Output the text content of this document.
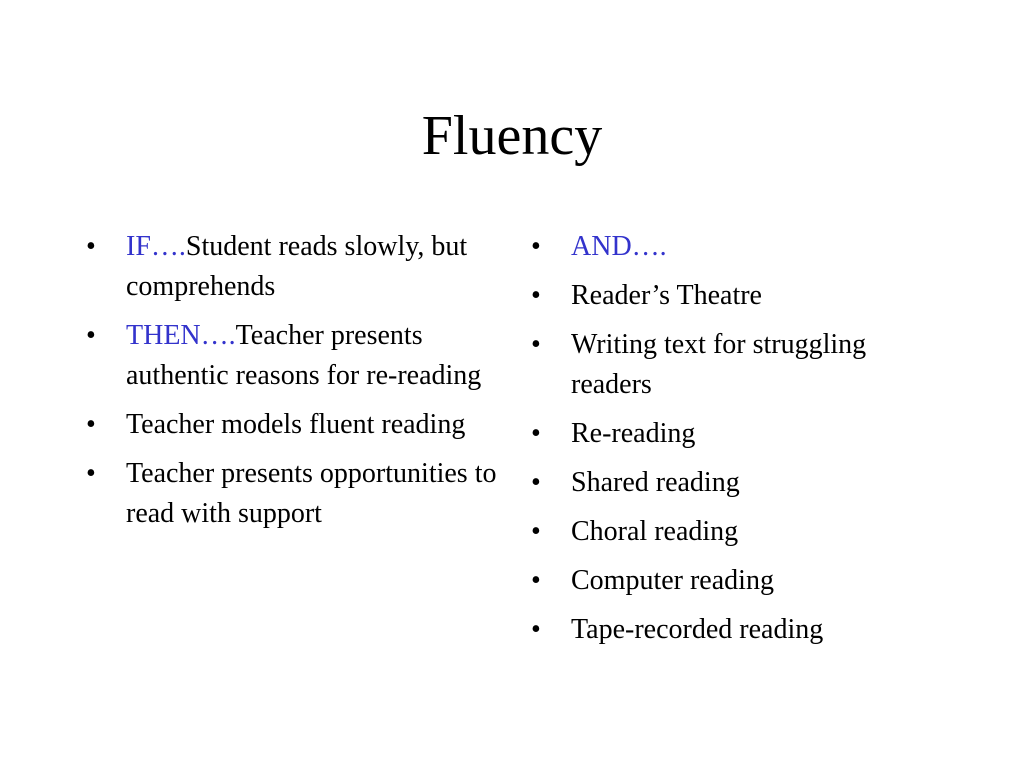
Fluency
•	IF….Student reads slowly, but comprehends
•	THEN….Teacher presents authentic reasons for re-reading
•	Teacher models fluent reading
•	Teacher presents opportunities to read with support
•	AND….
•	Reader’s Theatre
•	Writing text for struggling readers
•	Re-reading
•	Shared reading
•	Choral reading
•	Computer reading
•	Tape-recorded reading
